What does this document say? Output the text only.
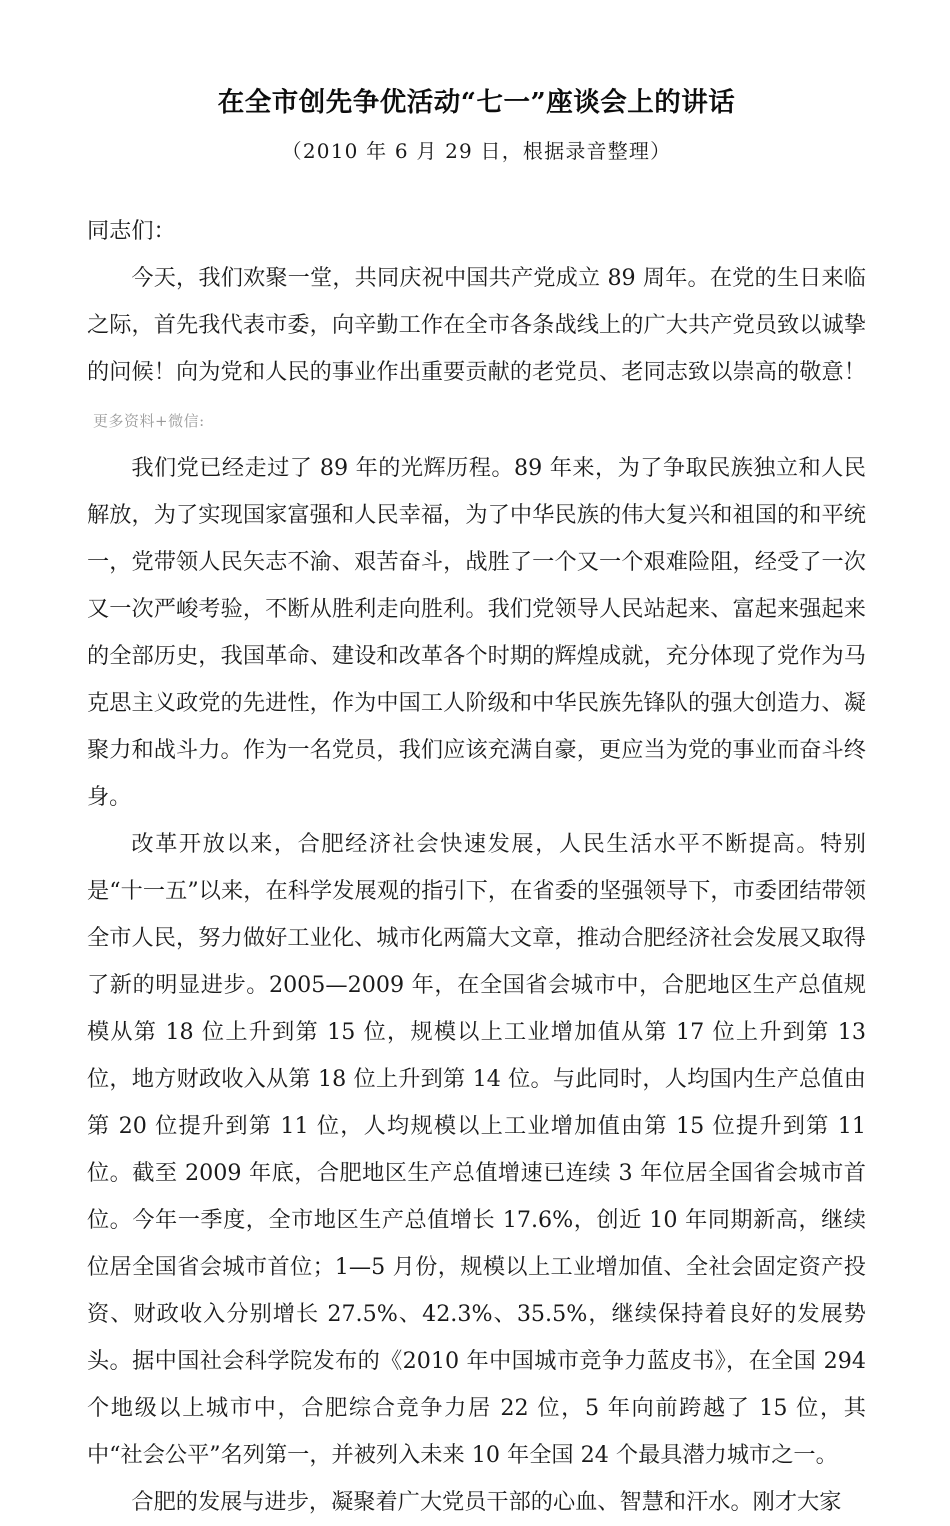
在全市创先争优活动“七一”座谈会上的讲话
（2010 年 6 月 29 日，根据录音整理）

同志们：

今天，我们欢聚一堂，共同庆祝中国共产党成立 89 周年。在党的生日来临之际，首先我代表市委，向辛勤工作在全市各条战线上的广大共产党员致以诚挚的问候！向为党和人民的事业作出重要贡献的老党员、老同志致以崇高的敬意！更多资料+微信:

我们党已经走过了 89 年的光辉历程。89 年来，为了争取民族独立和人民解放，为了实现国家富强和人民幸福，为了中华民族的伟大复兴和祖国的和平统一，党带领人民矢志不渝、艰苦奋斗，战胜了一个又一个艰难险阻，经受了一次又一次严峻考验，不断从胜利走向胜利。我们党领导人民站起来、富起来强起来的全部历史，我国革命、建设和改革各个时期的辉煌成就，充分体现了党作为马克思主义政党的先进性，作为中国工人阶级和中华民族先锋队的强大创造力、凝聚力和战斗力。作为一名党员，我们应该充满自豪，更应当为党的事业而奋斗终身。

改革开放以来，合肥经济社会快速发展，人民生活水平不断提高。特别是“十一五”以来，在科学发展观的指引下，在省委的坚强领导下，市委团结带领全市人民，努力做好工业化、城市化两篇大文章，推动合肥经济社会发展又取得了新的明显进步。2005—2009 年，在全国省会城市中，合肥地区生产总值规模从第 18 位上升到第 15 位，规模以上工业增加值从第 17 位上升到第 13 位，地方财政收入从第 18 位上升到第 14 位。与此同时，人均国内生产总值由第 20 位提升到第 11 位，人均规模以上工业增加值由第 15 位提升到第 11 位。截至 2009 年底，合肥地区生产总值增速已连续 3 年位居全国省会城市首位。今年一季度，全市地区生产总值增长 17.6%，创近 10 年同期新高，继续位居全国省会城市首位；1—5 月份，规模以上工业增加值、全社会固定资产投资、财政收入分别增长 27.5%、42.3%、35.5%，继续保持着良好的发展势头。据中国社会科学院发布的《2010 年中国城市竞争力蓝皮书》，在全国 294 个地级以上城市中，合肥综合竞争力居 22 位，5 年向前跨越了 15 位，其中“社会公平”名列第一，并被列入未来 10 年全国 24 个最具潜力城市之一。

合肥的发展与进步，凝聚着广大党员干部的心血、智慧和汗水。刚才大家
